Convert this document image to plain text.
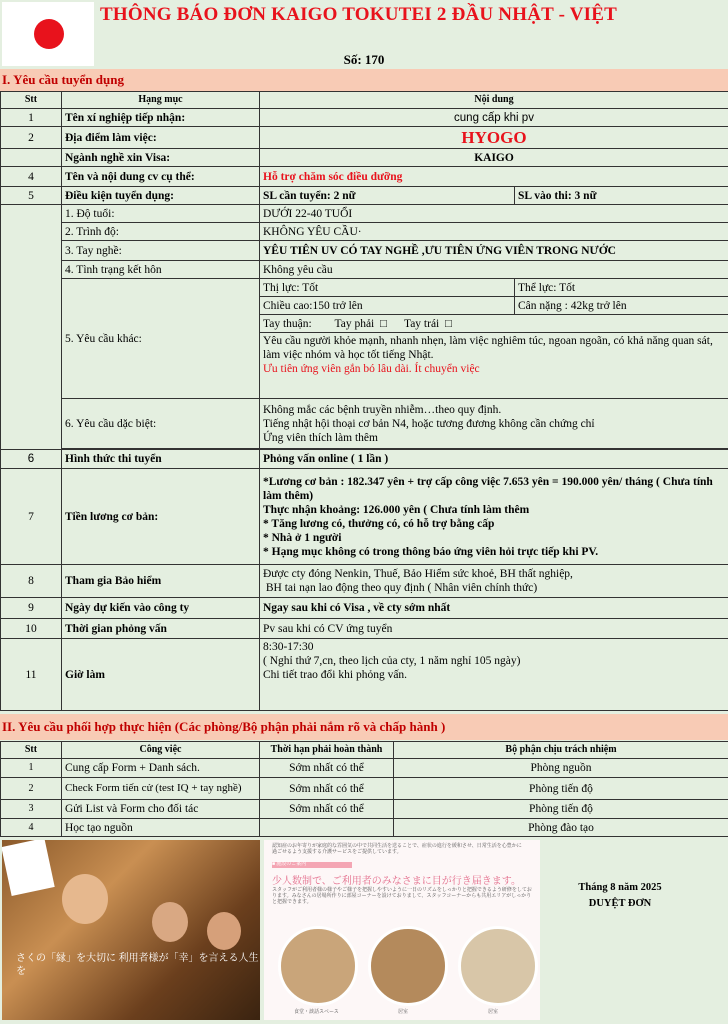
THÔNG BÁO ĐƠN KAIGO TOKUTEI 2 ĐẦU NHẬT - VIỆT
Số: 170
I. Yêu cầu tuyển dụng
Stt	Hạng mục	Nội dung	
1	Tên xí nghiệp tiếp nhận:	cung cấp khi pv	
2	Địa điểm làm việc:	HYOGO	
	Ngành nghề xin Visa:	KAIGO	
4	Tên và nội dung cv cụ thể:	Hỗ trợ chăm sóc điều dưỡng	
5	Điều kiện tuyển dụng:	SL cần tuyển: 2 nữ	SL vào thi: 3 nữ
	1. Độ tuổi:	DƯỚI 22-40 TUỔI	
	2. Trình độ:	KHÔNG YÊU CẦU·	
	3. Tay nghề:	YÊU TIÊN UV CÓ TAY NGHỀ ,ƯU TIÊN ỨNG VIÊN TRONG NƯỚC	
	4. Tình trạng kết hôn	Không yêu cầu	
	5. Yêu cầu khác:	Thị lực: Tốt	Thể lực: Tốt
		Chiều cao:150 trở lên	Cân nặng : 42kg trở lên
		Tay thuận:        Tay phải  □      Tay trái  □	

		Yêu cầu người khỏe mạnh, nhanh nhẹn, làm việc nghiêm túc, ngoan ngoãn, có khả năng quan sát, làm việc nhóm và học tốt tiếng Nhật.
Ưu tiên ứng viên gắn bó lâu dài. Ít chuyển việc	

	6. Yêu cầu dặc biệt:	Không mắc các bệnh truyền nhiễm…theo quy định.
Tiếng nhật hội thoại cơ bản N4, hoặc tương đương không cần chứng chỉ
Ứng viên thích làm thêm	

6	Hình thức thi tuyển	Phỏng vấn online ( 1 lần )	
7	Tiền lương cơ bản:	*Lương cơ bản : 182.347 yên + trợ cấp công việc 7.653 yên = 190.000 yên/ tháng ( Chưa tính làm thêm)
Thực nhận khoảng: 126.000 yên ( Chưa tính làm thêm
* Tăng lương có, thưởng có, có hỗ trợ bằng cấp
* Nhà ở 1 người
* Hạng mục không có trong thông báo ứng viên hỏi trực tiếp khi PV.	

8	Tham gia Bảo hiểm	Được cty đóng Nenkin, Thuế, Bảo Hiểm sức khoẻ, BH thất nghiệp,
BH tai nạn lao động theo quy định ( Nhân viên chính thức)	

9	Ngày dự kiến vào công ty	Ngay sau khi có Visa , về cty sớm nhất	
10	Thời gian phỏng vấn	Pv sau khi có CV ứng tuyển	
11	Giờ làm	8:30-17:30
( Nghỉ thứ 7,cn, theo lịch của cty, 1 năm nghỉ 105 ngày)
Chi tiết trao đổi khi phỏng vấn.	
II. Yêu cầu phối hợp thực hiện (Các phòng/Bộ phận phải nắm rõ và chấp hành )
Stt	Công việc	Thời hạn phải hoàn thành	Bộ phận chịu trách nhiệm
1	Cung cấp Form + Danh sách.	Sớm nhất có thể	Phòng nguồn
2	Check Form tiến cử (test IQ + tay nghề)	Sớm nhất có thể	Phòng tiến độ
3	Gửi List và Form cho đối tác	Sớm nhất có thể	Phòng tiến độ
4	Học tạo nguồn		Phòng đào tạo
さくの「縁」を大切に 利用者様が「幸」を言える人生を
認知症のお年寄りが家庭的な雰囲気の中で共同生活を送ることで、症状の進行を緩和させ、日常生活を心豊かに過ごせるよう支援する介護サービスをご提供しています。
■ 施設のご案内
少人数制で、ご利用者のみなさまに目が行き届きます。
スタッフがご利用者様の様子やご様子を把握しやすいように一日のリズムをしっかりと把握できるよう研修をしております。みなさんの居場所作りに部屋コーナーを設けておりまして、スタッフコーナーからも共用エリアがしっかりと把握できます。
食堂・談話スペース	居室	居室
Tháng 8 năm 2025
DUYỆT ĐƠN
